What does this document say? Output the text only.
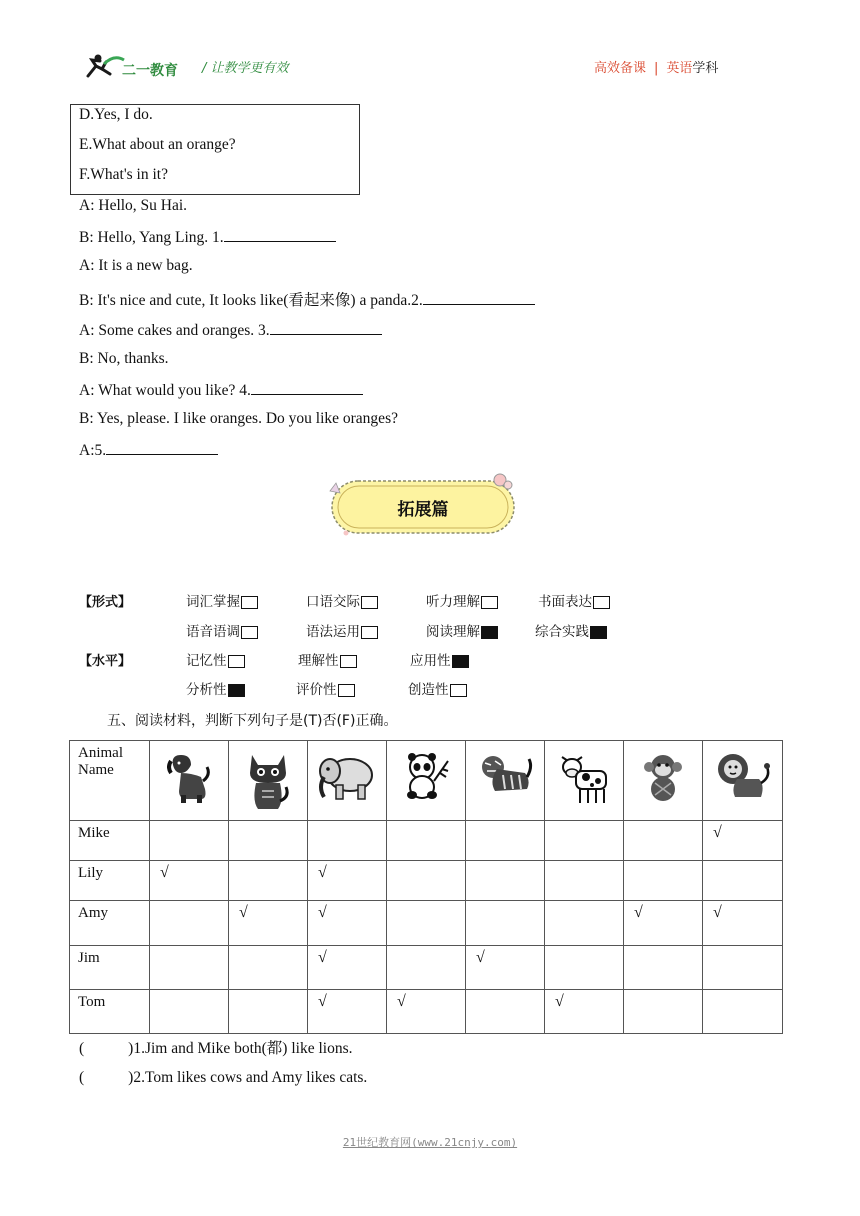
二一教育 / 让教学更有效	高效备课 | 英语学科
D.Yes, I do.
E.What about an orange?
F.What's in it?
A: Hello, Su Hai.
B: Hello, Yang Ling. 1.
A: It is a new bag.
B: It's nice and cute, It looks like(看起来像) a panda.2.
A: Some cakes and oranges. 3.
B: No, thanks.
A: What would you like? 4.
B: Yes, please. I like oranges. Do you like oranges?
A:5.
拓展篇
【形式】	词汇掌握	口语交际	听力理解	书面表达
语音语调	语法运用	阅读理解	综合实践
【水平】	记忆性	理解性	应用性
分析性	评价性	创造性
五、阅读材料，判断下列句子是(T)否(F)正确。
Animal
Name

Mike								√
Lily	√		√					
Amy		√	√				√	√
Jim			√		√			
Tom			√	√		√		
(	)1.Jim and Mike both(都) like lions.
(	)2.Tom likes cows and Amy likes cats.
21世纪教育网(www.21cnjy.com)
